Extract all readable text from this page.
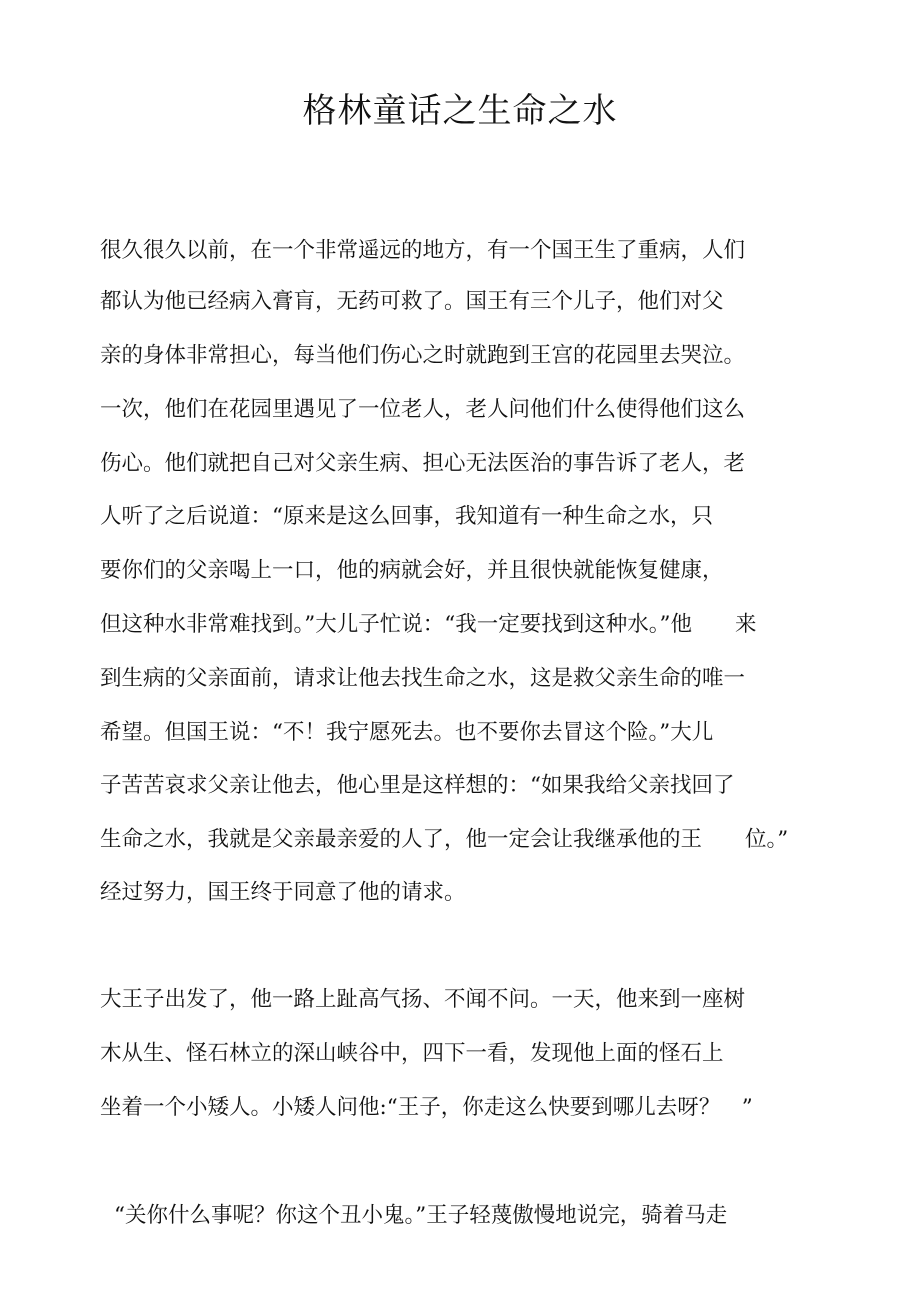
格林童话之生命之水

很久很久以前，在一个非常遥远的地方，有一个国王生了重病，人们

都认为他已经病入膏肓，无药可救了。国王有三个儿子，他们对父

亲的身体非常担心，每当他们伤心之时就跑到王宫的花园里去哭泣。

一次，他们在花园里遇见了一位老人，老人问他们什么使得他们这么

伤心。他们就把自己对父亲生病、担心无法医治的事告诉了老人，老

人听了之后说道：“原来是这么回事，我知道有一种生命之水，只

要你们的父亲喝上一口，他的病就会好，并且很快就能恢复健康，

但这种水非常难找到。”大儿子忙说：“我一定要找到这种水。”他　　来

到生病的父亲面前，请求让他去找生命之水，这是救父亲生命的唯一

希望。但国王说：“不！我宁愿死去。也不要你去冒这个险。”大儿

子苦苦哀求父亲让他去，他心里是这样想的：“如果我给父亲找回了

生命之水，我就是父亲最亲爱的人了，他一定会让我继承他的王　　位。”

经过努力，国王终于同意了他的请求。

大王子出发了，他一路上趾高气扬、不闻不问。一天，他来到一座树

木从生、怪石林立的深山峡谷中，四下一看，发现他上面的怪石上

坐着一个小矮人。小矮人问他:“王子，你走这么快要到哪儿去呀？　”

“关你什么事呢？你这个丑小鬼。”王子轻蔑傲慢地说完，骑着马走
